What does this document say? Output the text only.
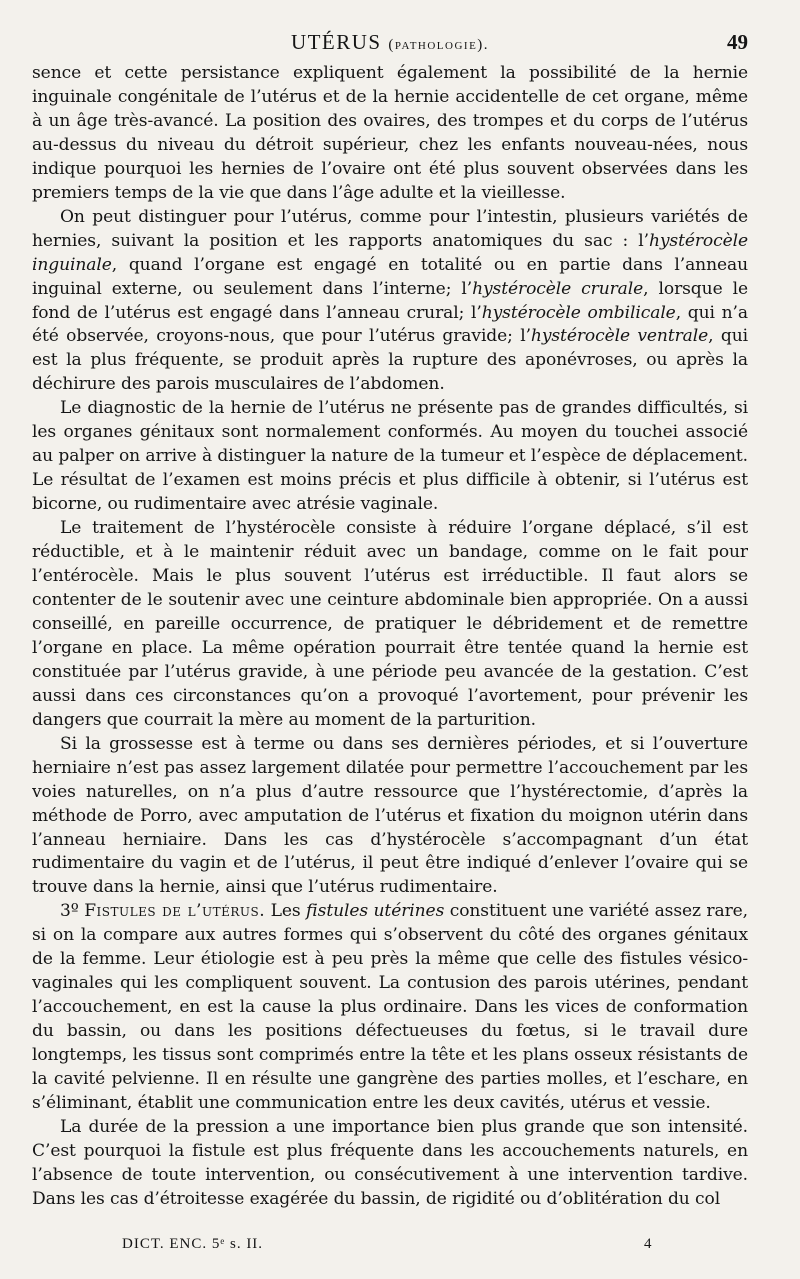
UTÉRUS (pathologie).	49

sence et cette persistance expliquent également la possibilité de la hernie inguinale congénitale de l’utérus et de la hernie accidentelle de cet organe, même à un âge très-avancé. La position des ovaires, des trompes et du corps de l’utérus au-dessus du niveau du détroit supérieur, chez les enfants nouveau-nées, nous indique pourquoi les hernies de l’ovaire ont été plus souvent observées dans les premiers temps de la vie que dans l’âge adulte et la vieillesse.

On peut distinguer pour l’utérus, comme pour l’intestin, plusieurs variétés de hernies, suivant la position et les rapports anatomiques du sac : l’hystérocèle inguinale, quand l’organe est engagé en totalité ou en partie dans l’anneau inguinal externe, ou seulement dans l’interne; l’hystérocèle crurale, lorsque le fond de l’utérus est engagé dans l’anneau crural; l’hystérocèle ombilicale, qui n’a été observée, croyons-nous, que pour l’utérus gravide; l’hystérocèle ventrale, qui est la plus fréquente, se produit après la rupture des aponévroses, ou après la déchirure des parois musculaires de l’abdomen.

Le diagnostic de la hernie de l’utérus ne présente pas de grandes difficultés, si les organes génitaux sont normalement conformés. Au moyen du touchei associé au palper on arrive à distinguer la nature de la tumeur et l’espèce de déplacement. Le résultat de l’examen est moins précis et plus difficile à obtenir, si l’utérus est bicorne, ou rudimentaire avec atrésie vaginale.

Le traitement de l’hystérocèle consiste à réduire l’organe déplacé, s’il est réductible, et à le maintenir réduit avec un bandage, comme on le fait pour l’entérocèle. Mais le plus souvent l’utérus est irréductible. Il faut alors se contenter de le soutenir avec une ceinture abdominale bien appropriée. On a aussi conseillé, en pareille occurrence, de pratiquer le débridement et de remettre l’organe en place. La même opération pourrait être tentée quand la hernie est constituée par l’utérus gravide, à une période peu avancée de la gestation. C’est aussi dans ces circonstances qu’on a provoqué l’avortement, pour prévenir les dangers que courrait la mère au moment de la parturition.

Si la grossesse est à terme ou dans ses dernières périodes, et si l’ouverture herniaire n’est pas assez largement dilatée pour permettre l’accouchement par les voies naturelles, on n’a plus d’autre ressource que l’hystérectomie, d’après la méthode de Porro, avec amputation de l’utérus et fixation du moignon utérin dans l’anneau herniaire. Dans les cas d’hystérocèle s’accompagnant d’un état rudimentaire du vagin et de l’utérus, il peut être indiqué d’enlever l’ovaire qui se trouve dans la hernie, ainsi que l’utérus rudimentaire.

3º Fistules de l’utérus. Les fistules utérines constituent une variété assez rare, si on la compare aux autres formes qui s’observent du côté des organes génitaux de la femme. Leur étiologie est à peu près la même que celle des fistules vésico-vaginales qui les compliquent souvent. La contusion des parois utérines, pendant l’accouchement, en est la cause la plus ordinaire. Dans les vices de conformation du bassin, ou dans les positions défectueuses du fœtus, si le travail dure longtemps, les tissus sont comprimés entre la tête et les plans osseux résistants de la cavité pelvienne. Il en résulte une gangrène des parties molles, et l’eschare, en s’éliminant, établit une communication entre les deux cavités, utérus et vessie.

La durée de la pression a une importance bien plus grande que son intensité. C’est pourquoi la fistule est plus fréquente dans les accouchements naturels, en l’absence de toute intervention, ou consécutivement à une intervention tardive. Dans les cas d’étroitesse exagérée du bassin, de rigidité ou d’oblitération du col

DICT. ENC. 5ᵉ s. II.	4
